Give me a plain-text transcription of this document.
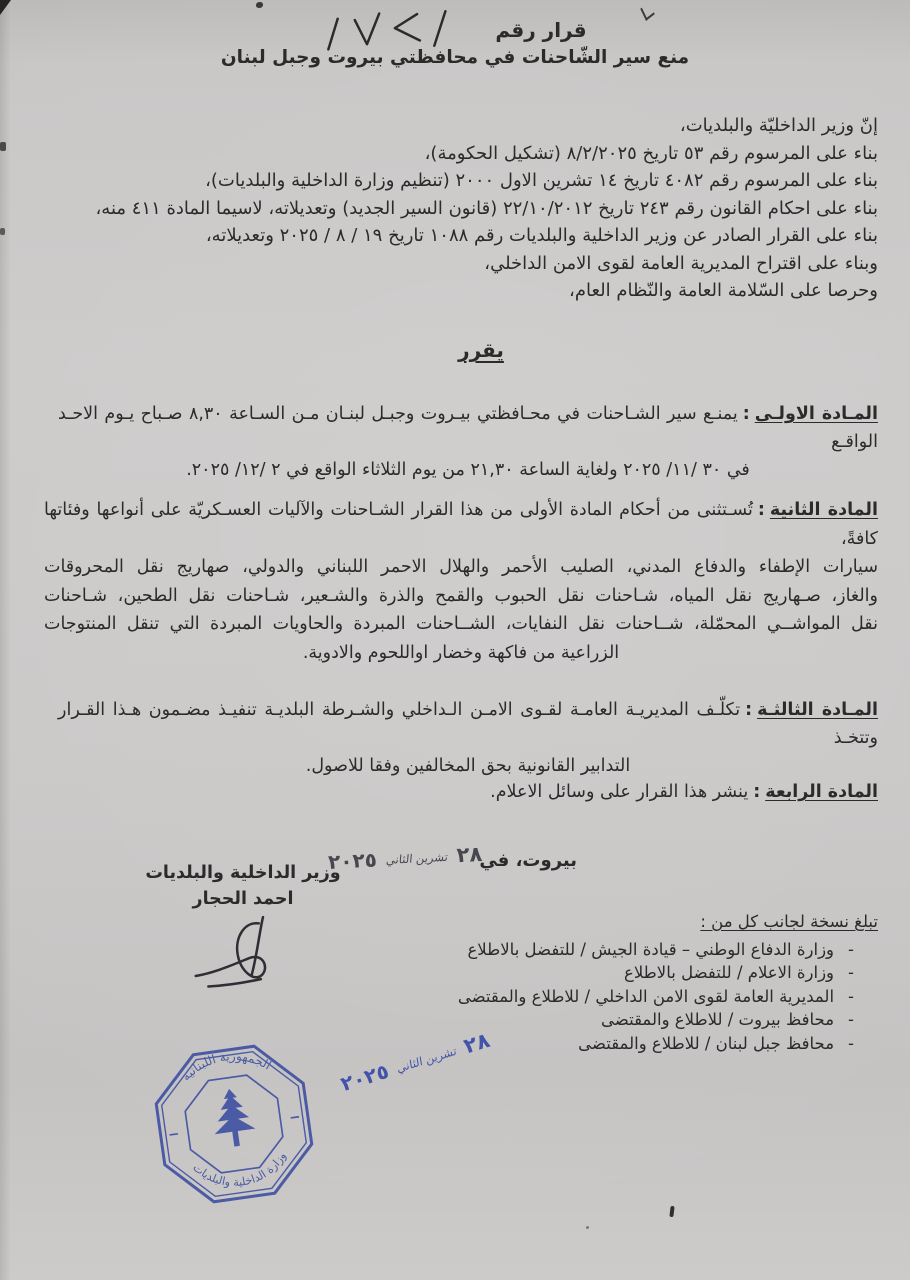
قرار رقم
منع سير الشّاحنات في محافظتي بيروت وجبل لبنان
إنّ وزير الداخليّة والبلديات،
بناء على المرسوم رقم ٥٣ تاريخ ٨/٢/٢٠٢٥ (تشكيل الحكومة)،
بناء على المرسوم رقم ٤٠٨٢ تاريخ ١٤ تشرين الاول ٢٠٠٠ (تنظيم وزارة الداخلية والبلديات)،
بناء على احكام القانون رقم ٢٤٣ تاريخ ٢٢/١٠/٢٠١٢ (قانون السير الجديد) وتعديلاته، لاسيما المادة ٤١١ منه،
بناء على القرار الصادر عن وزير الداخلية والبلديات رقم ١٠٨٨ تاريخ ١٩ / ٨ / ٢٠٢٥ وتعديلاته،
وبناء على اقتراح المديرية العامة لقوى الامن الداخلي،
وحرصا على السّلامة العامة والنّظام العام،
يقرر
المـادة الاولـى:يمنـع سير الشـاحنات في محـافظتي بيـروت وجبـل لبنـان مـن السـاعة ٨,٣٠ صـباح يـوم الاحـد الواقـع
في ٣٠ /١١/ ٢٠٢٥ ولغاية الساعة ٢١,٣٠ من يوم الثلاثاء الواقع في ٢ /١٢/ ٢٠٢٥.
المادة الثانية:تُسـتثنى من أحكام المادة الأولى من هذا القرار الشـاحنات والآليات العسـكريّة على أنواعها وفئاتها كافةً،
سيارات الإطفاء والدفاع المدني، الصليب الأحمر والهلال الاحمر اللبناني والدولي، صهاريج نقل المحروقات
والغاز، صـهاريج نقل المياه، شـاحنات نقل الحبوب والقمح والذرة والشـعير، شـاحنات نقل الطحين، شـاحنات
نقل المواشــي المحمّلة، شــاحنات نقل النفايات، الشــاحنات المبردة والحاويات المبردة التي تنقل المنتوجات
الزراعية من فاكهة وخضار اواللحوم والادوية.
المـادة الثالثـة:تكلّـف المديريـة العامـة لقـوى الامـن الـداخلي والشـرطة البلديـة تنفيـذ مضـمون هـذا القـرار وتتخـذ
التدابير القانونية بحق المخالفين وفقا للاصول.
المادة الرابعة:ينشر هذا القرار على وسائل الاعلام.
بيروت، في
٢٨
تشرين الثاني
٢٠٢٥
وزير الداخلية والبلديات
احمد الحجار
تبلغ نسخة لجانب كل من :
-
وزارة الدفاع الوطني – قيادة الجيش / للتفضل بالاطلاع
-
وزارة الاعلام / للتفضل بالاطلاع
-
المديرية العامة لقوى الامن الداخلي / للاطلاع والمقتضى
-
محافظ بيروت / للاطلاع والمقتضى
-
محافظ جبل لبنان / للاطلاع والمقتضى
الجمهورية اللبنانية
وزارة الداخلية والبلديات
٢٨
تشرين الثاني
٢٠٢٥
